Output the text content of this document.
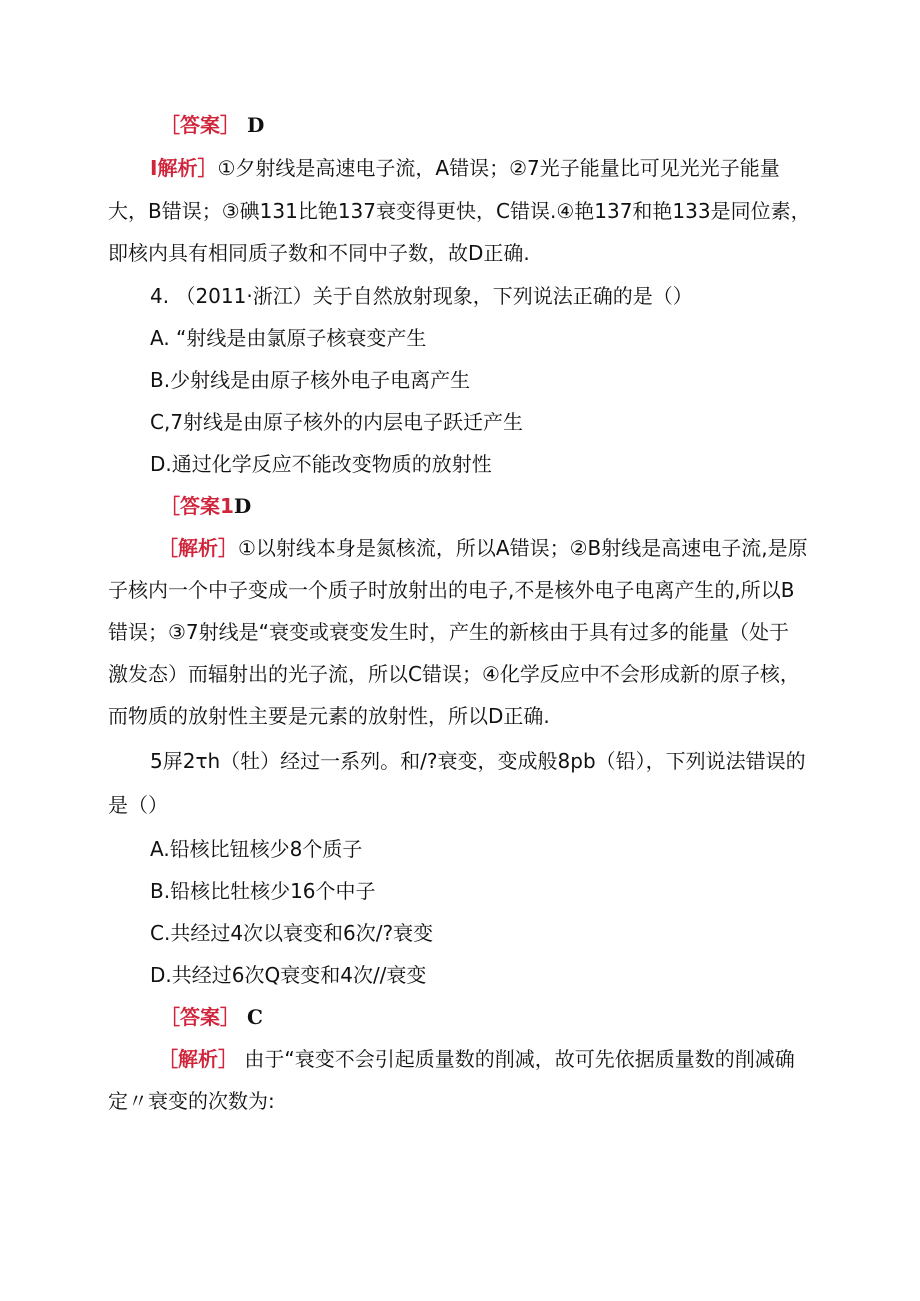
［答案］ D
I解析］①夕射线是高速电子流，A错误；②7光子能量比可见光光子能量
大，B错误；③碘131比铯137衰变得更快，C错误.④艳137和艳133是同位素，
即核内具有相同质子数和不同中子数，故D正确.
4. （2011·浙江）关于自然放射现象，下列说法正确的是（）
A. “射线是由氯原子核衰变产生
B.少射线是由原子核外电子电离产生
C,7射线是由原子核外的内层电子跃迁产生
D.通过化学反应不能改变物质的放射性
［答案1D
［解析］①以射线本身是氮核流，所以A错误；②B射线是高速电子流,是原
子核内一个中子变成一个质子时放射出的电子,不是核外电子电离产生的,所以B
错误；③7射线是“衰变或衰变发生时，产生的新核由于具有过多的能量（处于
激发态）而辐射出的光子流，所以C错误；④化学反应中不会形成新的原子核，
而物质的放射性主要是元素的放射性，所以D正确.
5屏2τh（牡）经过一系列。和/?衰变，变成般8pb（铅），下列说法错误的
是（）
A.铅核比钮核少8个质子
B.铅核比牡核少16个中子
C.共经过4次以衰变和6次/?衰变
D.共经过6次Q衰变和4次//衰变
［答案］ C
［解析］ 由于“衰变不会引起质量数的削减，故可先依据质量数的削减确
定〃衰变的次数为:
